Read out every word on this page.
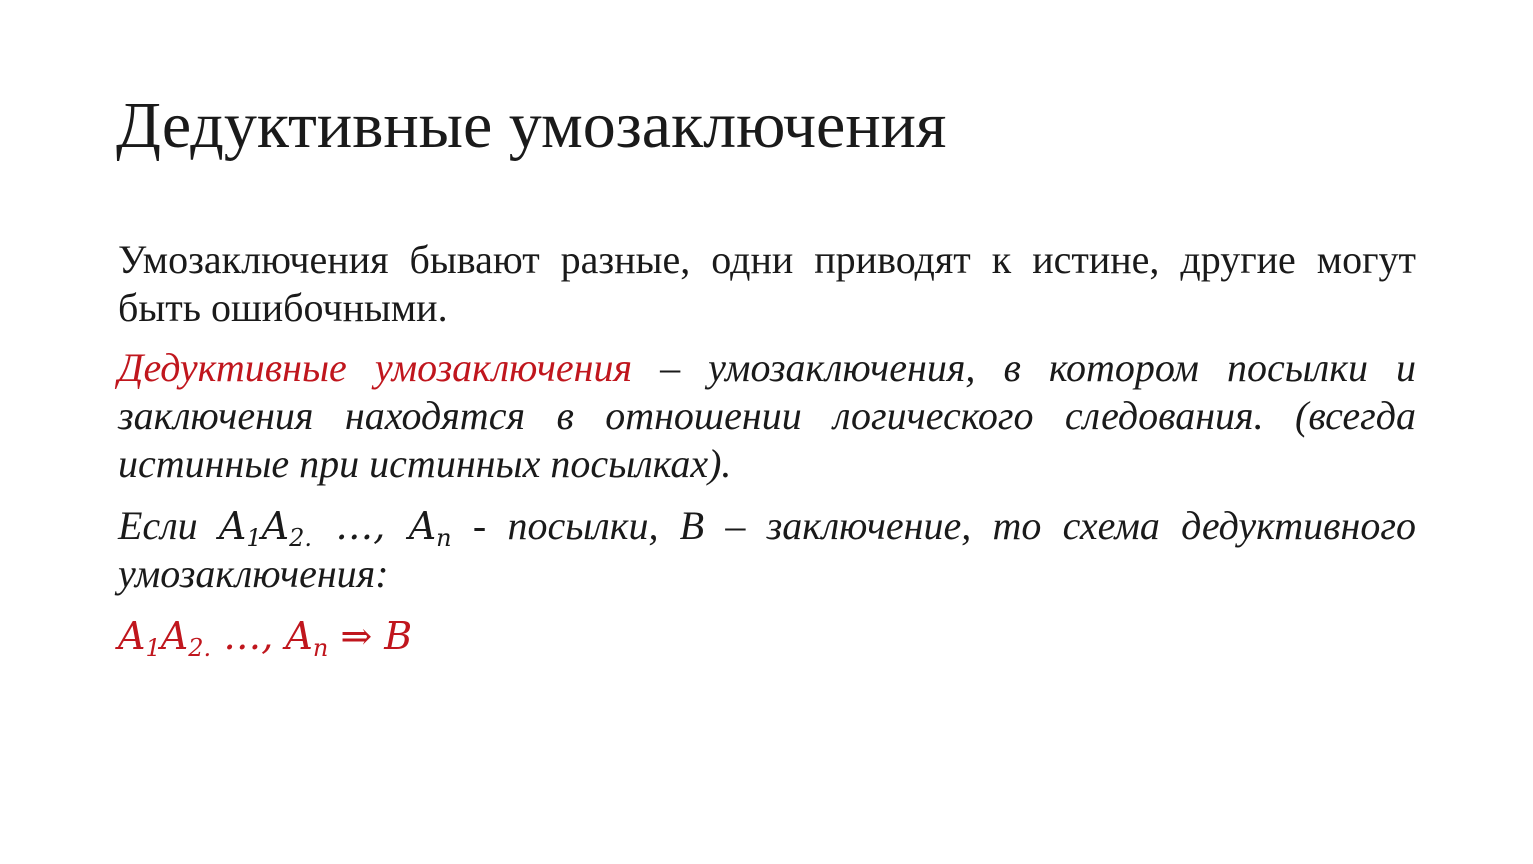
Дедуктивные умозаключения

Умозаключения бывают разные, одни приводят к истине, другие могут быть ошибочными.

Дедуктивные умозаключения – умозаключения, в котором посылки и заключения находятся в отношении логического следования. (всегда истинные при истинных посылках).

Если $A_1A_{2.}$ …, $A_n$ - посылки, B – заключение, то схема дедуктивного умозаключения:

$A_1A_{2.}$ …, $A_n$ ⇒ B
